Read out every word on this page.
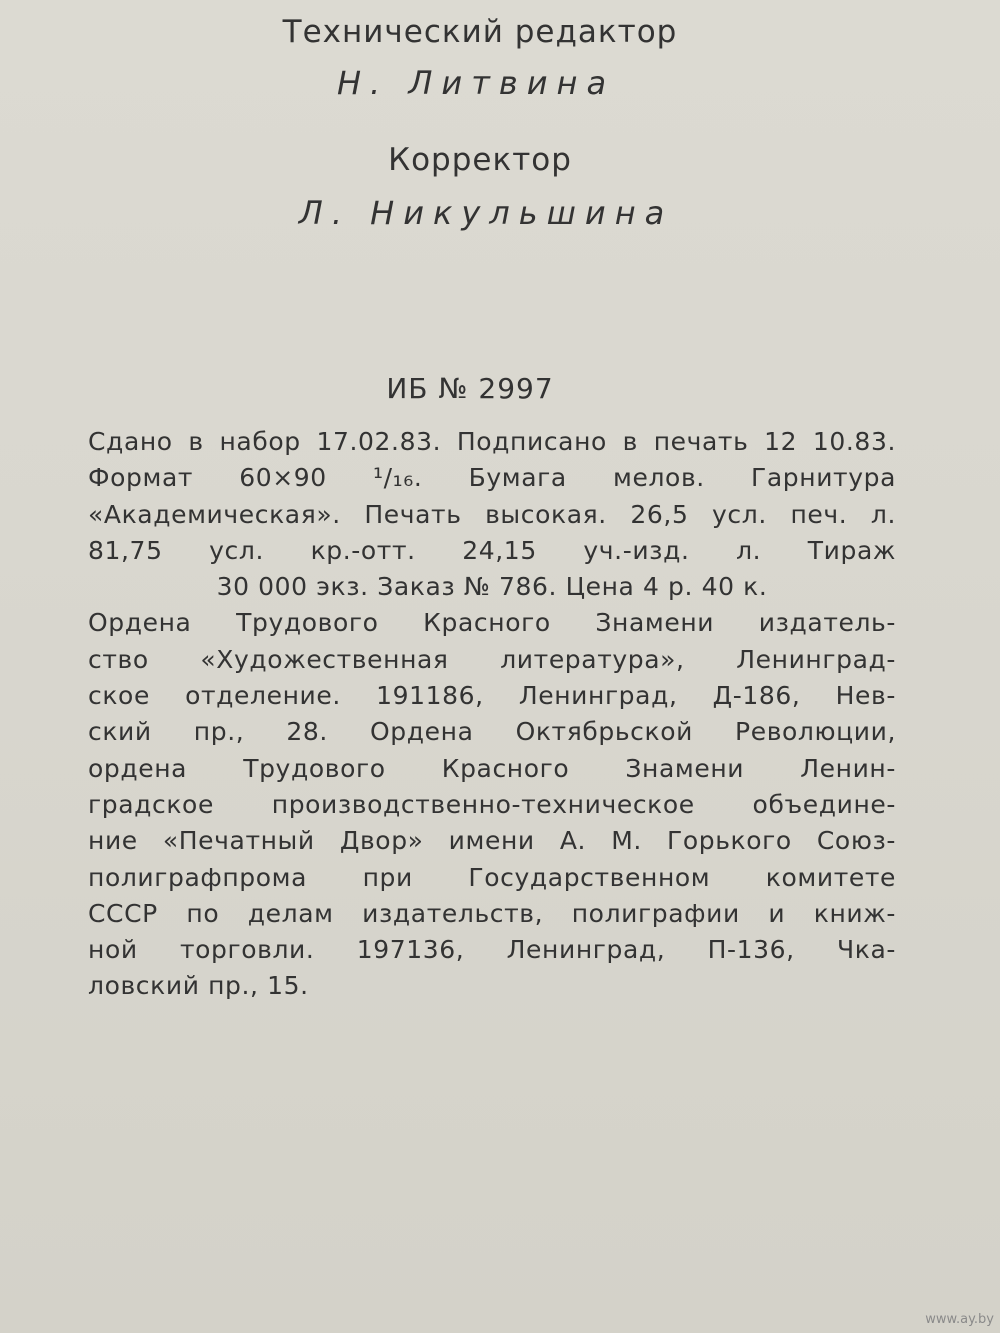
Технический редактор
Н. Литвина
Корректор
Л. Никульшина
ИБ № 2997
Сдано в набор 17.02.83. Подписано в печать 12 10.83.
Формат 60×90 ¹/₁₆. Бумага мелов. Гарнитура
«Академическая». Печать высокая. 26,5 усл. печ. л.
81,75 усл. кр.-отт. 24,15 уч.-изд. л. Тираж
30 000 экз. Заказ № 786. Цена 4 р. 40 к.
Ордена Трудового Красного Знамени издатель-
ство «Художественная литература», Ленинград-
ское отделение. 191186, Ленинград, Д-186, Нев-
ский пр., 28. Ордена Октябрьской Революции,
ордена Трудового Красного Знамени Ленин-
градское производственно-техническое объедине-
ние «Печатный Двор» имени А. М. Горького Союз-
полиграфпрома при Государственном комитете
СССР по делам издательств, полиграфии и книж-
ной торговли. 197136, Ленинград, П-136, Чка-
ловский пр., 15.
www.ay.by
